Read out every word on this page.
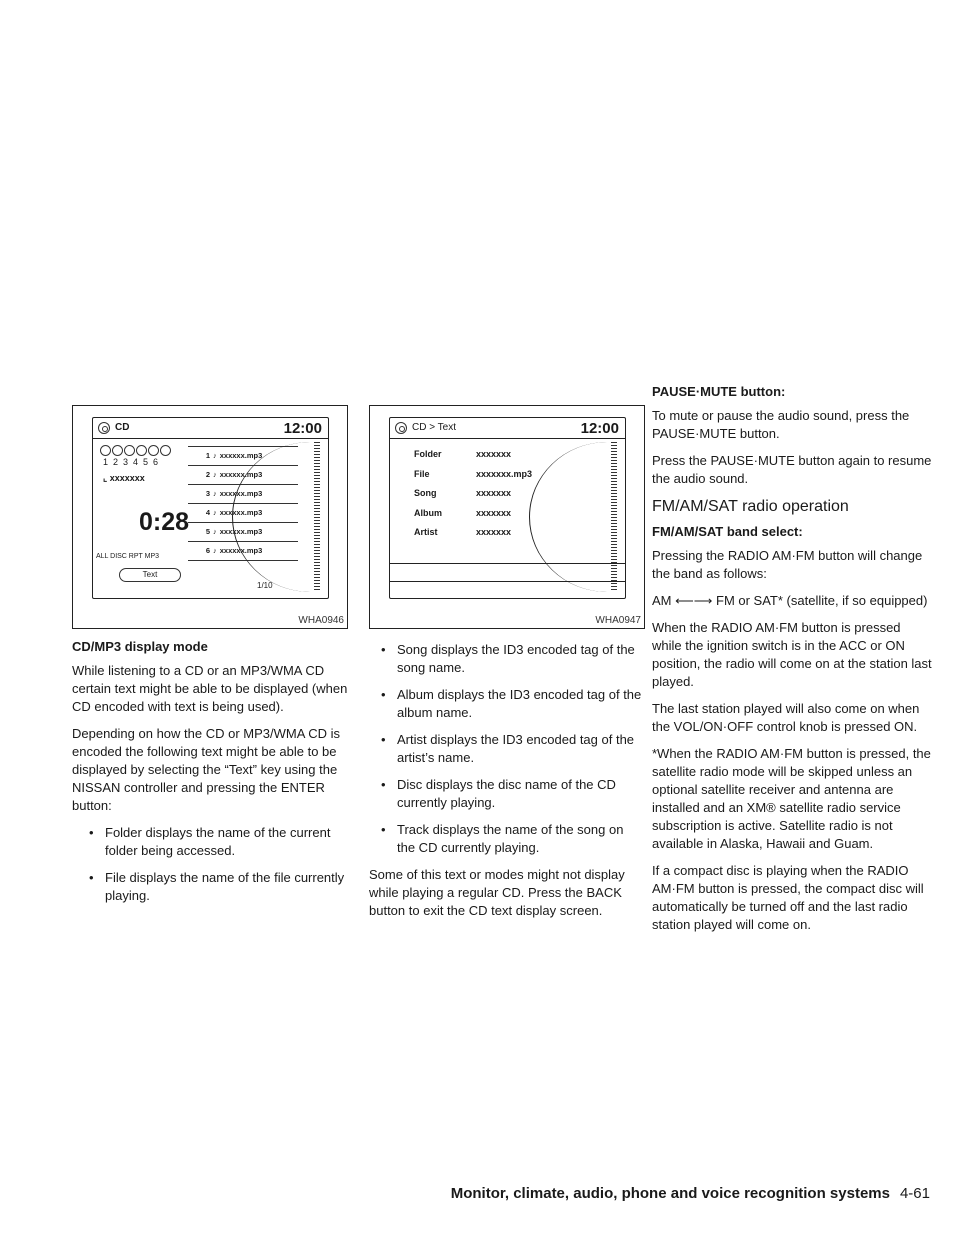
CD	12:00
123456
⌞ xxxxxxx
0:28
ALL DISC RPT MP3
Text
1 ♪ xxxxxx.mp3
2 ♪ xxxxxx.mp3
3 ♪ xxxxxx.mp3
4 ♪ xxxxxx.mp3
5 ♪ xxxxxx.mp3
6 ♪ xxxxxx.mp3
1/10
WHA0946
CD/MP3 display mode

While listening to a CD or an MP3/WMA CD certain text might be able to be displayed (when CD encoded with text is being used).

Depending on how the CD or MP3/WMA CD is encoded the following text might be able to be displayed by selecting the “Text” key using the NISSAN controller and pressing the ENTER button:

• Folder displays the name of the current folder being accessed.
• File displays the name of the file currently playing.
CD > Text	12:00
Folder	xxxxxxx
File	xxxxxxx.mp3
Song	xxxxxxx
Album	xxxxxxx
Artist	xxxxxxx
WHA0947
• Song displays the ID3 encoded tag of the song name.
• Album displays the ID3 encoded tag of the album name.
• Artist displays the ID3 encoded tag of the artist’s name.
• Disc displays the disc name of the CD currently playing.
• Track displays the name of the song on the CD currently playing.

Some of this text or modes might not display while playing a regular CD. Press the BACK button to exit the CD text display screen.

PAUSE·MUTE button:

To mute or pause the audio sound, press the PAUSE·MUTE button.

Press the PAUSE·MUTE button again to resume the audio sound.

FM/AM/SAT radio operation
FM/AM/SAT band select:

Pressing the RADIO AM·FM button will change the band as follows:

AM ⟵⟶ FM or SAT* (satellite, if so equipped)

When the RADIO AM·FM button is pressed while the ignition switch is in the ACC or ON position, the radio will come on at the station last played.

The last station played will also come on when the VOL/ON·OFF control knob is pressed ON.

*When the RADIO AM·FM button is pressed, the satellite radio mode will be skipped unless an optional satellite receiver and antenna are installed and an XM® satellite radio service subscription is active. Satellite radio is not available in Alaska, Hawaii and Guam.

If a compact disc is playing when the RADIO AM·FM button is pressed, the compact disc will automatically be turned off and the last radio station played will come on.

Monitor, climate, audio, phone and voice recognition systems 4-61
